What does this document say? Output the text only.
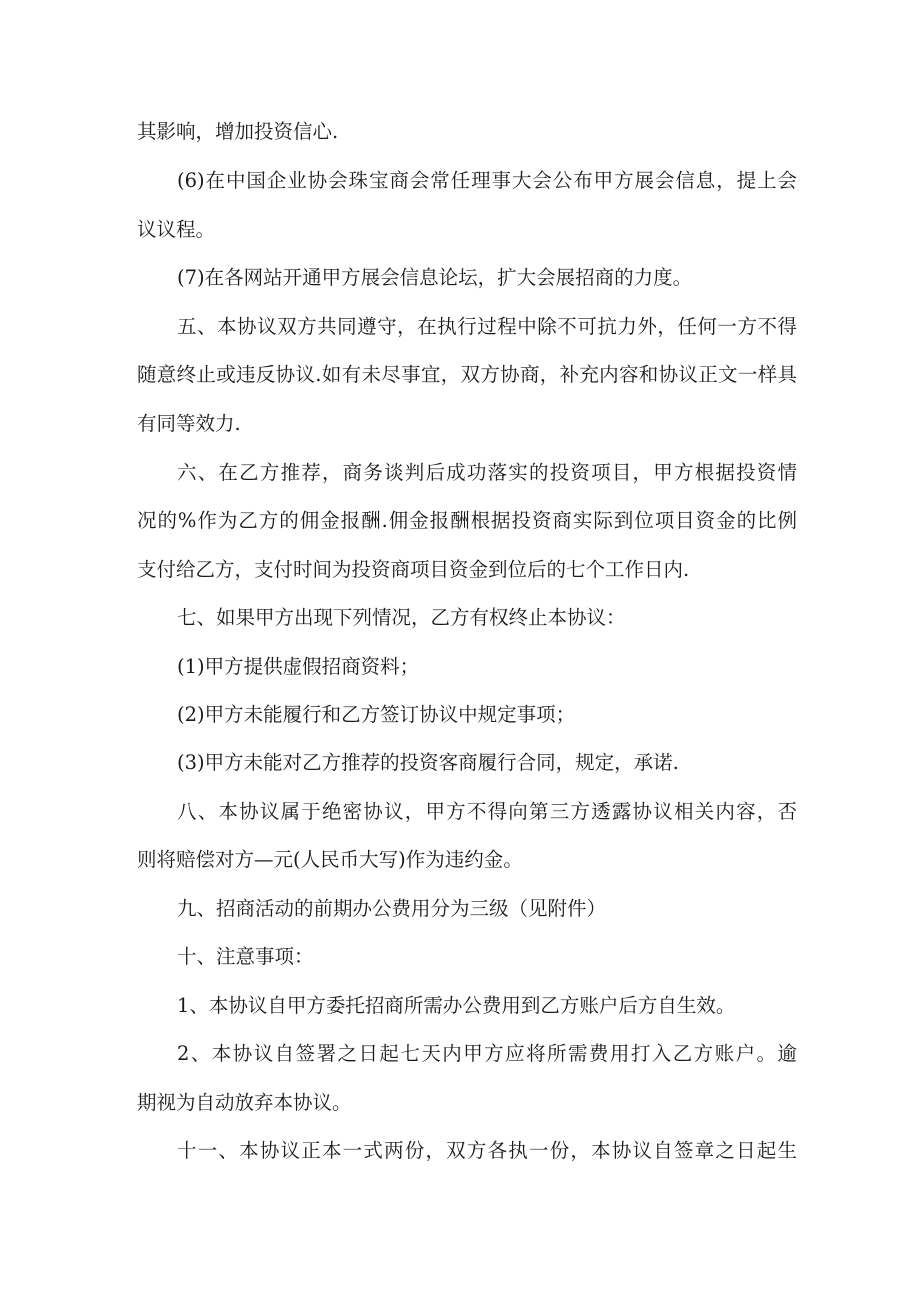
其影响，增加投资信心.
(6)在中国企业协会珠宝商会常任理事大会公布甲方展会信息，提上会
议议程。
(7)在各网站开通甲方展会信息论坛，扩大会展招商的力度。
五、本协议双方共同遵守，在执行过程中除不可抗力外，任何一方不得
随意终止或违反协议.如有未尽事宜，双方协商，补充内容和协议正文一样具
有同等效力.
六、在乙方推荐，商务谈判后成功落实的投资项目，甲方根据投资情
况的%作为乙方的佣金报酬.佣金报酬根据投资商实际到位项目资金的比例
支付给乙方，支付时间为投资商项目资金到位后的七个工作日内.
七、如果甲方出现下列情况，乙方有权终止本协议：
(1)甲方提供虚假招商资料；
(2)甲方未能履行和乙方签订协议中规定事项；
(3)甲方未能对乙方推荐的投资客商履行合同，规定，承诺.
八、本协议属于绝密协议，甲方不得向第三方透露协议相关内容，否
则将赔偿对方—元(人民币大写)作为违约金。
九、招商活动的前期办公费用分为三级（见附件）
十、注意事项：
1、本协议自甲方委托招商所需办公费用到乙方账户后方自生效。
2、本协议自签署之日起七天内甲方应将所需费用打入乙方账户。逾
期视为自动放弃本协议。
十一、本协议正本一式两份，双方各执一份，本协议自签章之日起生
